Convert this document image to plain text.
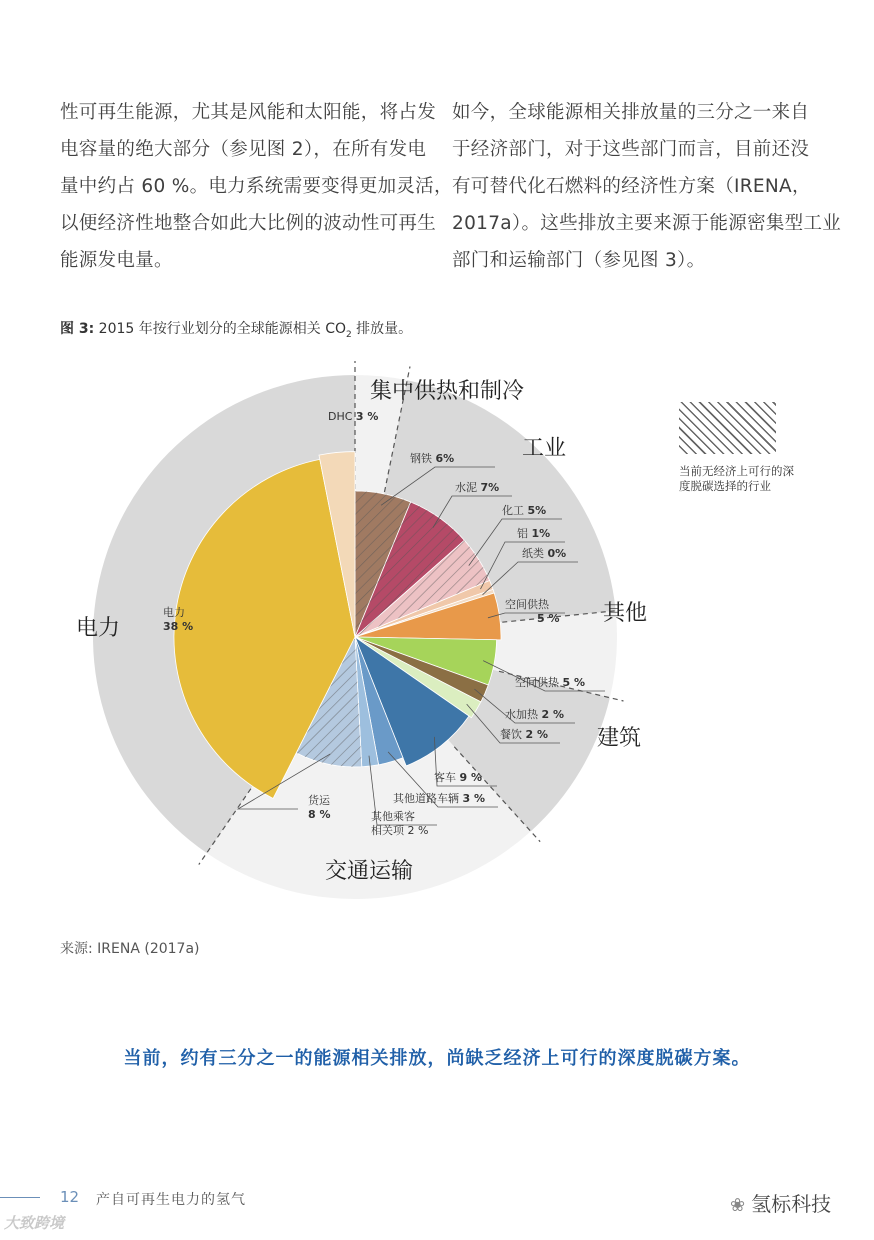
性可再生能源，尤其是风能和太阳能，将占发
电容量的绝大部分（参见图 2），在所有发电
量中约占 60 %。电力系统需要变得更加灵活，
以便经济性地整合如此大比例的波动性可再生
能源发电量。
如今，全球能源相关排放量的三分之一来自
于经济部门，对于这些部门而言，目前还没
有可替代化石燃料的经济性方案（IRENA，
2017a）。这些排放主要来源于能源密集型工业
部门和运输部门（参见图 3）。
图 3: 2015 年按行业划分的全球能源相关 $CO_2$ 排放量。
钢铁 6%
水泥 7%
化工 5%
铝 1%
纸类 0%
空间供热
5 %
空间供热 5 %
水加热 2 %
餐饮 2 %
客车 9 %
其他道路车辆 3 %
其他乘客
相关项 2 %
货运
8 %
电力
38 %
DHC 3 %
集中供热和制冷
工业
其他
建筑
交通运输
电力
当前无经济上可行的深度脱碳选择的行业
来源: IRENA (2017a)
当前，约有三分之一的能源相关排放，尚缺乏经济上可行的深度脱碳方案。
12 产自可再生电力的氢气
大致跨境
❀ 氢标科技
